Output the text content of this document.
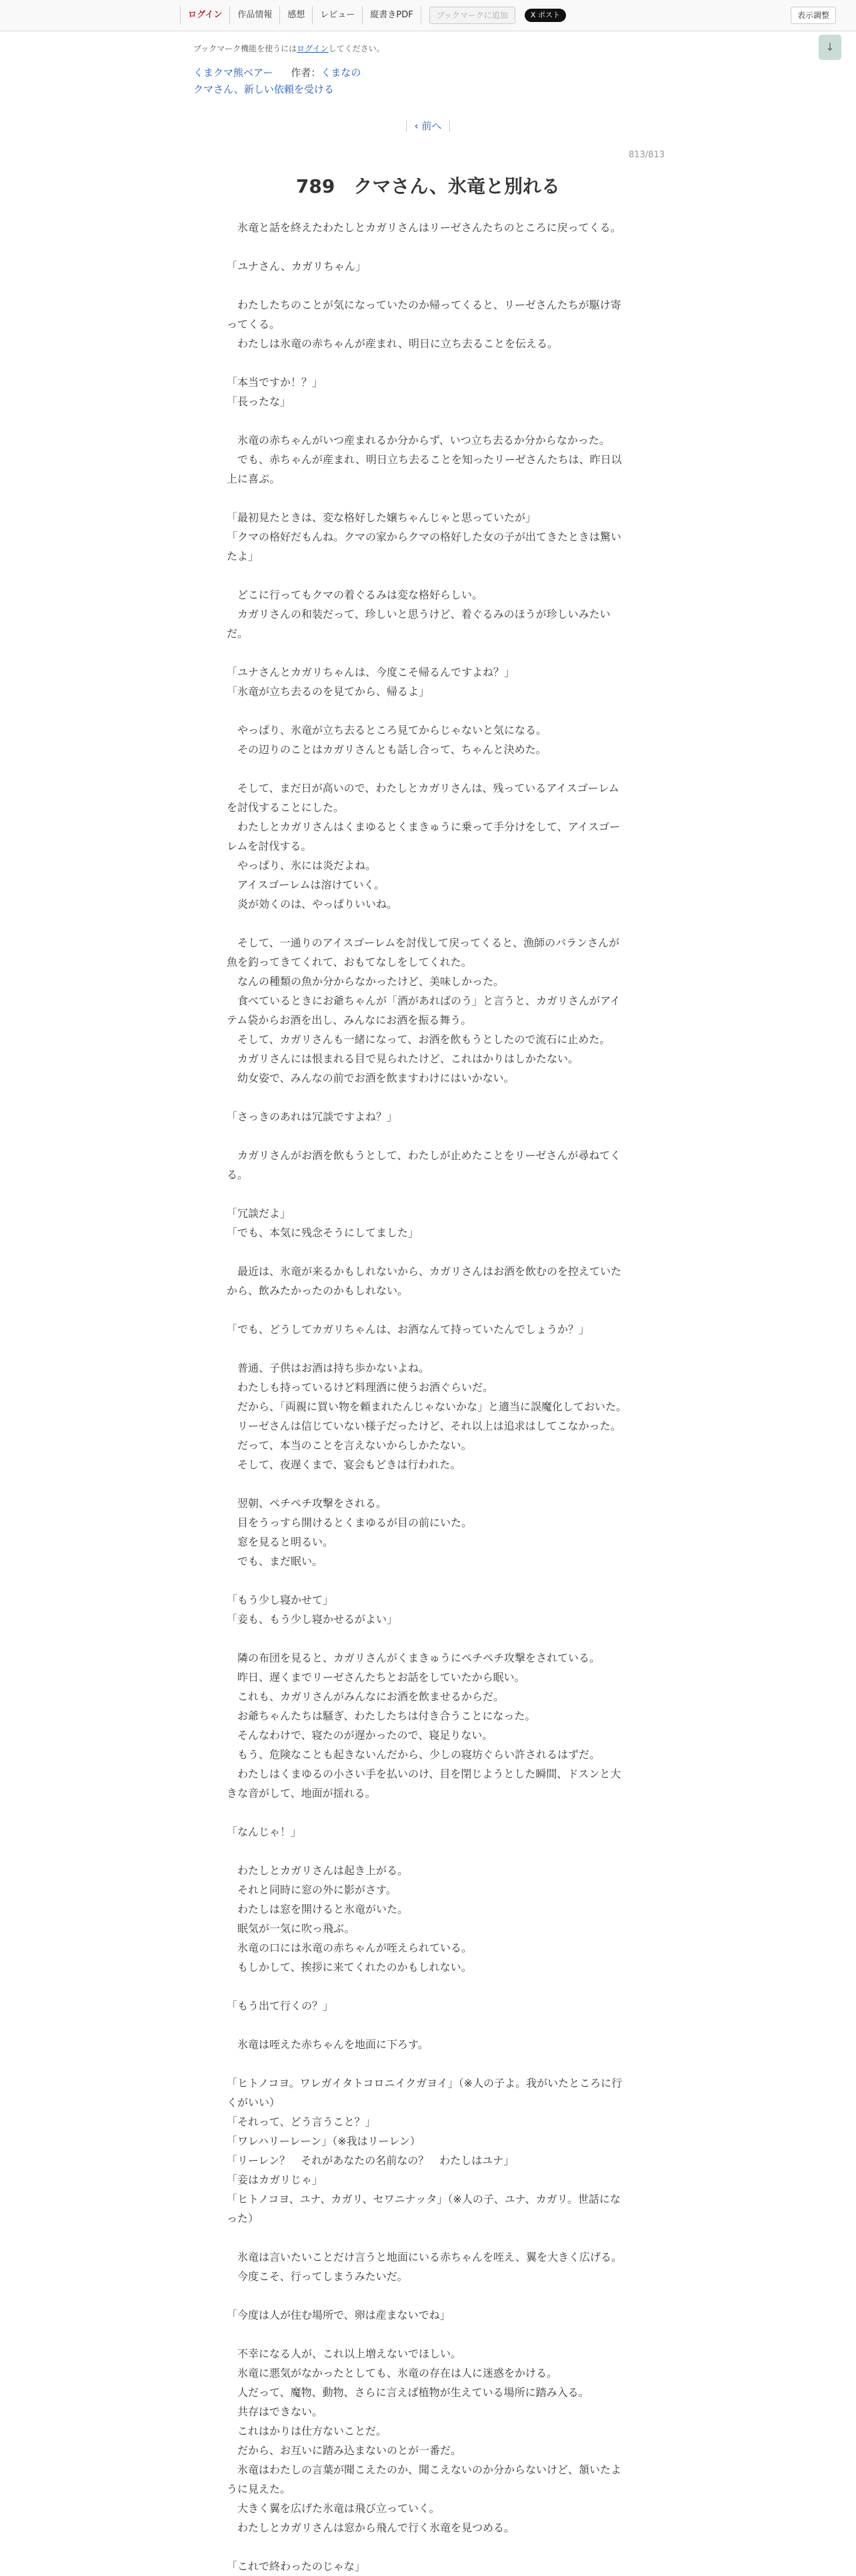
ログイン	作品情報	感想	レビュー	縦書きPDF	ブックマークに追加	X ポスト	表示調整
↓
ブックマーク機能を使うにはログインしてください。
くまクマ熊ベアー 作者：くまなの
クマさん、新しい依頼を受ける
‹ 前へ
813/813
789　クマさん、氷竜と別れる

　氷竜と話を終えたわたしとカガリさんはリーゼさんたちのところに戻ってくる。

「ユナさん、カガリちゃん」

　わたしたちのことが気になっていたのか帰ってくると、リーゼさんたちが駆け寄ってくる。

　わたしは氷竜の赤ちゃんが産まれ、明日に立ち去ることを伝える。

「本当ですか！？」

「長ったな」

　氷竜の赤ちゃんがいつ産まれるか分からず、いつ立ち去るか分からなかった。

　でも、赤ちゃんが産まれ、明日立ち去ることを知ったリーゼさんたちは、昨日以上に喜ぶ。

「最初見たときは、変な格好した嬢ちゃんじゃと思っていたが」

「クマの格好だもんね。クマの家からクマの格好した女の子が出てきたときは驚いたよ」

　どこに行ってもクマの着ぐるみは変な格好らしい。

　カガリさんの和装だって、珍しいと思うけど、着ぐるみのほうが珍しいみたいだ。

「ユナさんとカガリちゃんは、今度こそ帰るんですよね？」

「氷竜が立ち去るのを見てから、帰るよ」

　やっぱり、氷竜が立ち去るところ見てからじゃないと気になる。

　その辺りのことはカガリさんとも話し合って、ちゃんと決めた。

　そして、まだ日が高いので、わたしとカガリさんは、残っているアイスゴーレムを討伐することにした。

　わたしとカガリさんはくまゆるとくまきゅうに乗って手分けをして、アイスゴーレムを討伐する。

　やっぱり、氷には炎だよね。

　アイスゴーレムは溶けていく。

　炎が効くのは、やっぱりいいね。

　そして、一通りのアイスゴーレムを討伐して戻ってくると、漁師のバランさんが魚を釣ってきてくれて、おもてなしをしてくれた。

　なんの種類の魚か分からなかったけど、美味しかった。

　食べているときにお爺ちゃんが「酒があればのう」と言うと、カガリさんがアイテム袋からお酒を出し、みんなにお酒を振る舞う。

　そして、カガリさんも一緒になって、お酒を飲もうとしたので流石に止めた。

　カガリさんには恨まれる目で見られたけど、これはかりはしかたない。

　幼女姿で、みんなの前でお酒を飲ますわけにはいかない。

「さっきのあれは冗談ですよね？」

　カガリさんがお酒を飲もうとして、わたしが止めたことをリーゼさんが尋ねてくる。

「冗談だよ」

「でも、本気に残念そうにしてました」

　最近は、氷竜が来るかもしれないから、カガリさんはお酒を飲むのを控えていたから、飲みたかったのかもしれない。

「でも、どうしてカガリちゃんは、お酒なんて持っていたんでしょうか？」

　普通、子供はお酒は持ち歩かないよね。

　わたしも持っているけど料理酒に使うお酒ぐらいだ。

　だから、「両親に買い物を頼まれたんじゃないかな」と適当に誤魔化しておいた。

　リーゼさんは信じていない様子だったけど、それ以上は追求はしてこなかった。

　だって、本当のことを言えないからしかたない。

　そして、夜遅くまで、宴会もどきは行われた。

　翌朝、ペチペチ攻撃をされる。

　目をうっすら開けるとくまゆるが目の前にいた。

　窓を見ると明るい。

　でも、まだ眠い。

「もう少し寝かせて」

「妾も、もう少し寝かせるがよい」

　隣の布団を見ると、カガリさんがくまきゅうにペチペチ攻撃をされている。

　昨日、遅くまでリーゼさんたちとお話をしていたから眠い。

　これも、カガリさんがみんなにお酒を飲ませるからだ。

　お爺ちゃんたちは騒ぎ、わたしたちは付き合うことになった。

　そんなわけで、寝たのが遅かったので、寝足りない。

　もう、危険なことも起きないんだから、少しの寝坊ぐらい許されるはずだ。

　わたしはくまゆるの小さい手を払いのけ、目を閉じようとした瞬間、ドスンと大きな音がして、地面が揺れる。

「なんじゃ！」

　わたしとカガリさんは起き上がる。

　それと同時に窓の外に影がさす。

　わたしは窓を開けると氷竜がいた。

　眠気が一気に吹っ飛ぶ。

　氷竜の口には氷竜の赤ちゃんが咥えられている。

　もしかして、挨拶に来てくれたのかもしれない。

「もう出て行くの？」

　氷竜は咥えた赤ちゃんを地面に下ろす。

「ヒトノコヨ。ワレガイタトコロニイクガヨイ」（※人の子よ。我がいたところに行くがいい）

「それって、どう言うこと？」

「ワレハリーレーン」（※我はリーレン）

「リーレン？　それがあなたの名前なの？　わたしはユナ」

「妾はカガリじゃ」

「ヒトノコヨ、ユナ、カガリ、セワニナッタ」（※人の子、ユナ、カガリ。世話になった）

　氷竜は言いたいことだけ言うと地面にいる赤ちゃんを咥え、翼を大きく広げる。

　今度こそ、行ってしまうみたいだ。

「今度は人が住む場所で、卵は産まないでね」

　不幸になる人が、これ以上増えないでほしい。

　氷竜に悪気がなかったとしても、氷竜の存在は人に迷惑をかける。

　人だって、魔物、動物、さらに言えば植物が生えている場所に踏み入る。

　共存はできない。

　これはかりは仕方ないことだ。

　だから、お互いに踏み込まないのとが一番だ。

　氷竜はわたしの言葉が聞こえたのか、聞こえないのか分からないけど、頷いたように見えた。

　大きく翼を広げた氷竜は飛び立っていく。

　わたしとカガリさんは窓から飛んで行く氷竜を見つめる。

「これで終わったのじゃな」
